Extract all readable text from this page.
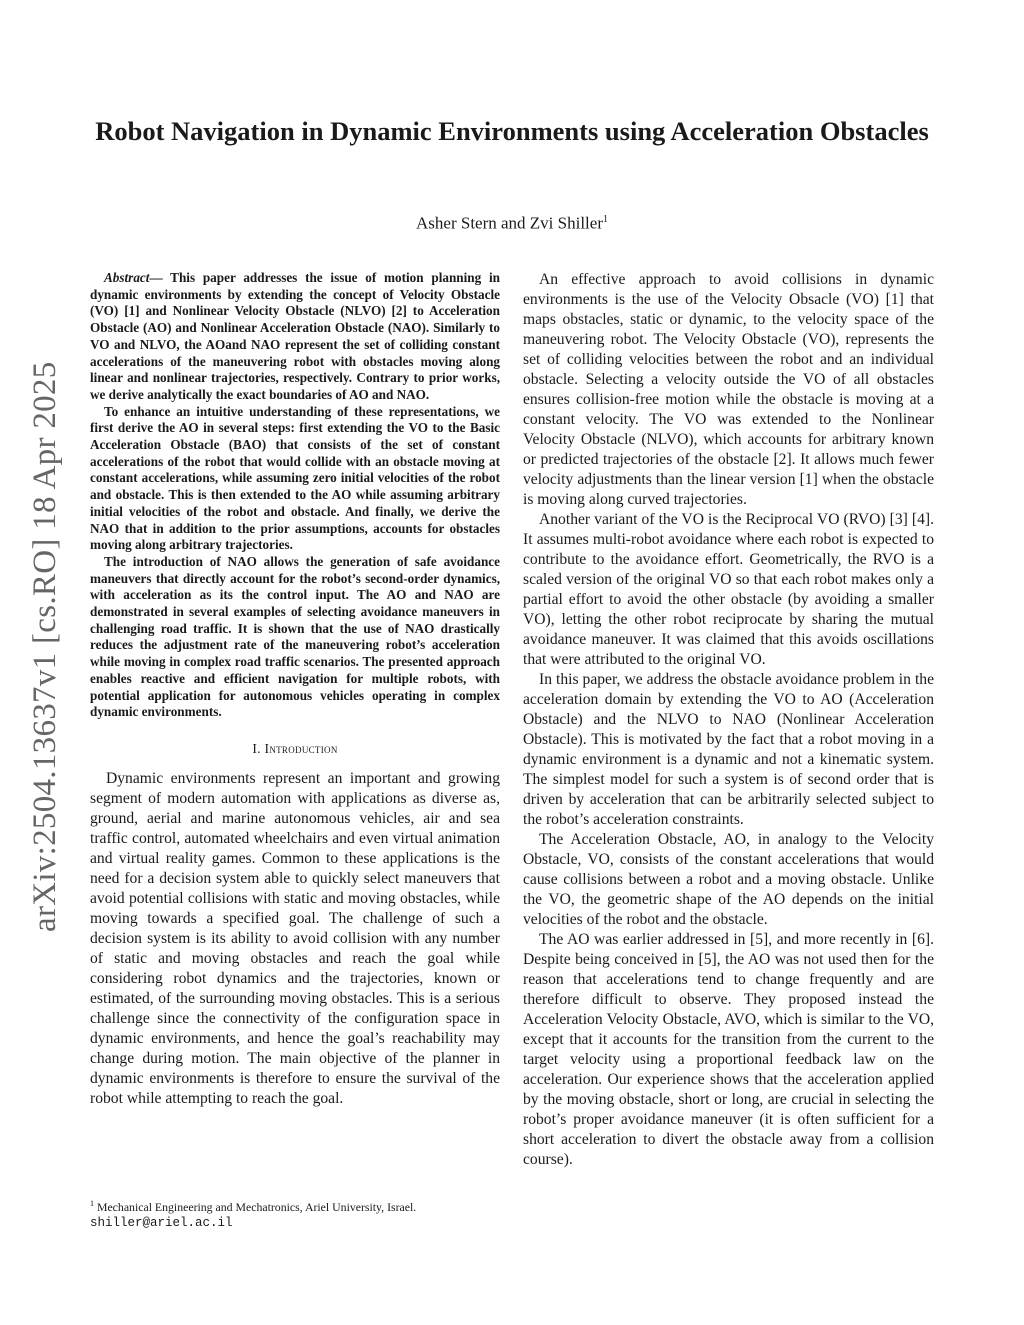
arXiv:2504.13637v1 [cs.RO] 18 Apr 2025
Robot Navigation in Dynamic Environments using Acceleration Obstacles
Asher Stern and Zvi Shiller$^1$

Abstract— This paper addresses the issue of motion planning in dynamic environments by extending the concept of Velocity Obstacle (VO) [1] and Nonlinear Velocity Obstacle (NLVO) [2] to Acceleration Obstacle (AO) and Nonlinear Acceleration Obstacle (NAO). Similarly to VO and NLVO, the AOand NAO represent the set of colliding constant accelerations of the maneuvering robot with obstacles moving along linear and nonlinear trajectories, respectively. Contrary to prior works, we derive analytically the exact boundaries of AO and NAO.

To enhance an intuitive understanding of these representations, we first derive the AO in several steps: first extending the VO to the Basic Acceleration Obstacle (BAO) that consists of the set of constant accelerations of the robot that would collide with an obstacle moving at constant accelerations, while assuming zero initial velocities of the robot and obstacle. This is then extended to the AO while assuming arbitrary initial velocities of the robot and obstacle. And finally, we derive the NAO that in addition to the prior assumptions, accounts for obstacles moving along arbitrary trajectories.

The introduction of NAO allows the generation of safe avoidance maneuvers that directly account for the robot’s second-order dynamics, with acceleration as its the control input. The AO and NAO are demonstrated in several examples of selecting avoidance maneuvers in challenging road traffic. It is shown that the use of NAO drastically reduces the adjustment rate of the maneuvering robot’s acceleration while moving in complex road traffic scenarios. The presented approach enables reactive and efficient navigation for multiple robots, with potential application for autonomous vehicles operating in complex dynamic environments.

I. Introduction

Dynamic environments represent an important and growing segment of modern automation with applications as diverse as, ground, aerial and marine autonomous vehicles, air and sea traffic control, automated wheelchairs and even virtual animation and virtual reality games. Common to these applications is the need for a decision system able to quickly select maneuvers that avoid potential collisions with static and moving obstacles, while moving towards a specified goal. The challenge of such a decision system is its ability to avoid collision with any number of static and moving obstacles and reach the goal while considering robot dynamics and the trajectories, known or estimated, of the surrounding moving obstacles. This is a serious challenge since the connectivity of the configuration space in dynamic environments, and hence the goal’s reachability may change during motion. The main objective of the planner in dynamic environments is therefore to ensure the survival of the robot while attempting to reach the goal.

$^1$ Mechanical Engineering and Mechatronics, Ariel University, Israel.
shiller@ariel.ac.il

An effective approach to avoid collisions in dynamic environments is the use of the Velocity Obsacle (VO) [1] that maps obstacles, static or dynamic, to the velocity space of the maneuvering robot. The Velocity Obstacle (VO), represents the set of colliding velocities between the robot and an individual obstacle. Selecting a velocity outside the VO of all obstacles ensures collision-free motion while the obstacle is moving at a constant velocity. The VO was extended to the Nonlinear Velocity Obstacle (NLVO), which accounts for arbitrary known or predicted trajectories of the obstacle [2]. It allows much fewer velocity adjustments than the linear version [1] when the obstacle is moving along curved trajectories.

Another variant of the VO is the Reciprocal VO (RVO) [3] [4]. It assumes multi-robot avoidance where each robot is expected to contribute to the avoidance effort. Geometrically, the RVO is a scaled version of the original VO so that each robot makes only a partial effort to avoid the other obstacle (by avoiding a smaller VO), letting the other robot reciprocate by sharing the mutual avoidance maneuver. It was claimed that this avoids oscillations that were attributed to the original VO.

In this paper, we address the obstacle avoidance problem in the acceleration domain by extending the VO to AO (Acceleration Obstacle) and the NLVO to NAO (Nonlinear Acceleration Obstacle). This is motivated by the fact that a robot moving in a dynamic environment is a dynamic and not a kinematic system. The simplest model for such a system is of second order that is driven by acceleration that can be arbitrarily selected subject to the robot’s acceleration constraints.

The Acceleration Obstacle, AO, in analogy to the Velocity Obstacle, VO, consists of the constant accelerations that would cause collisions between a robot and a moving obstacle. Unlike the VO, the geometric shape of the AO depends on the initial velocities of the robot and the obstacle.

The AO was earlier addressed in [5], and more recently in [6]. Despite being conceived in [5], the AO was not used then for the reason that accelerations tend to change frequently and are therefore difficult to observe. They proposed instead the Acceleration Velocity Obstacle, AVO, which is similar to the VO, except that it accounts for the transition from the current to the target velocity using a proportional feedback law on the acceleration. Our experience shows that the acceleration applied by the moving obstacle, short or long, are crucial in selecting the robot’s proper avoidance maneuver (it is often sufficient for a short acceleration to divert the obstacle away from a collision course).
